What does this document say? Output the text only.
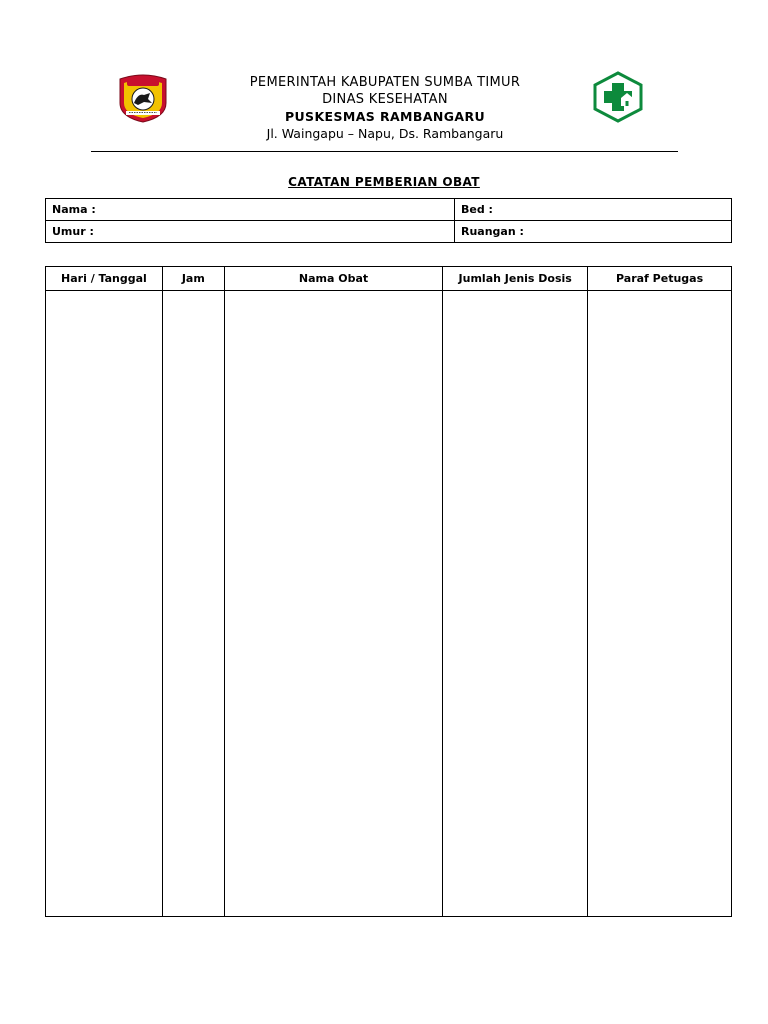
PEMERINTAH KABUPATEN SUMBA TIMUR
DINAS KESEHATAN
PUSKESMAS RAMBANGARU
Jl. Waingapu – Napu, Ds. Rambangaru
CATATAN PEMBERIAN OBAT
Nama :	Bed :
Umur :	Ruangan :
Hari / Tanggal	Jam	Nama Obat	Jumlah Jenis Dosis	Paraf Petugas
